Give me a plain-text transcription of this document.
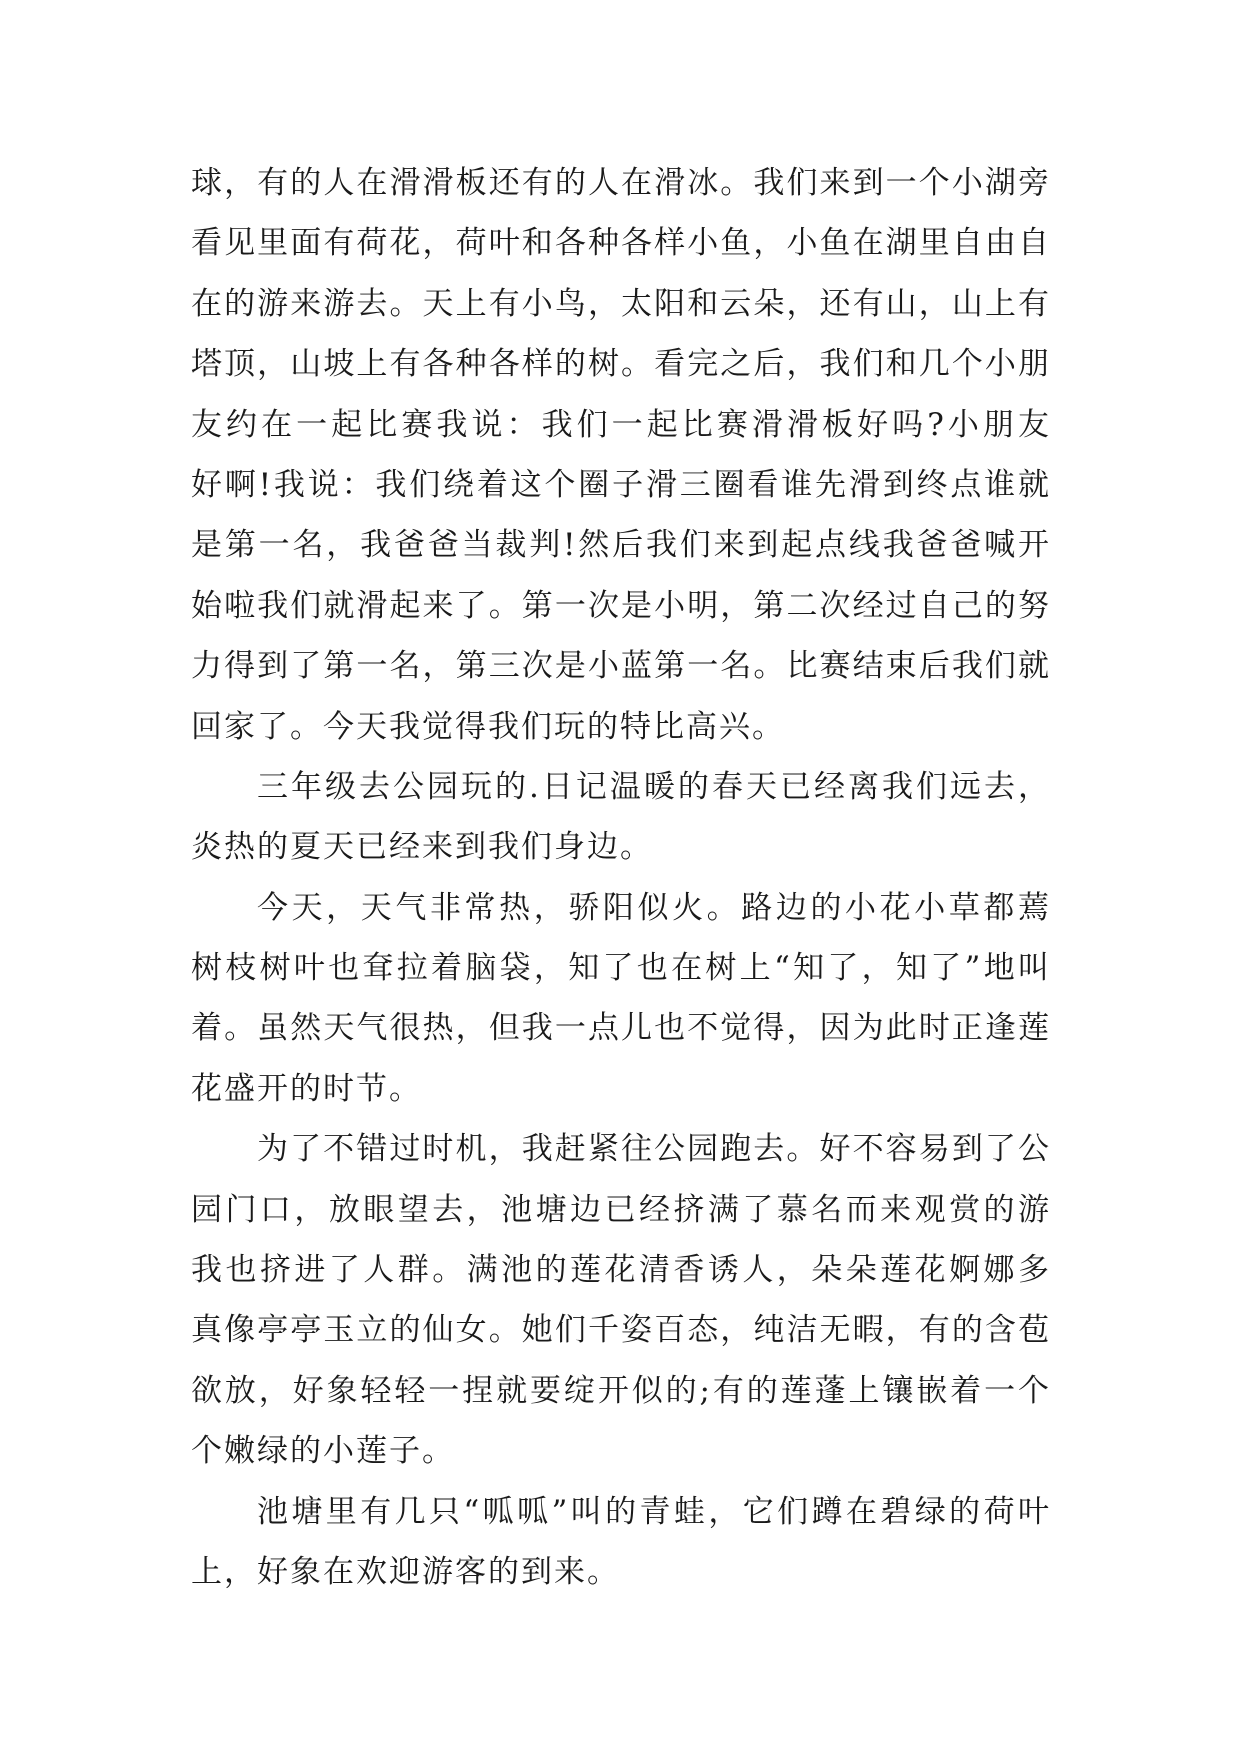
球，有的人在滑滑板还有的人在滑冰。我们来到一个小湖旁
看见里面有荷花，荷叶和各种各样小鱼，小鱼在湖里自由自
在的游来游去。天上有小鸟，太阳和云朵，还有山，山上有
塔顶，山坡上有各种各样的树。看完之后，我们和几个小朋
友约在一起比赛我说：我们一起比赛滑滑板好吗?小朋友
好啊!我说：我们绕着这个圈子滑三圈看谁先滑到终点谁就
是第一名，我爸爸当裁判!然后我们来到起点线我爸爸喊开
始啦我们就滑起来了。第一次是小明，第二次经过自己的努
力得到了第一名，第三次是小蓝第一名。比赛结束后我们就
回家了。今天我觉得我们玩的特比高兴。
三年级去公园玩的.日记温暖的春天已经离我们远去，
炎热的夏天已经来到我们身边。
今天，天气非常热，骄阳似火。路边的小花小草都蔫
树枝树叶也耷拉着脑袋，知了也在树上“知了，知了”地叫
着。虽然天气很热，但我一点儿也不觉得，因为此时正逢莲
花盛开的时节。
为了不错过时机，我赶紧往公园跑去。好不容易到了公
园门口，放眼望去，池塘边已经挤满了慕名而来观赏的游
我也挤进了人群。满池的莲花清香诱人，朵朵莲花婀娜多
真像亭亭玉立的仙女。她们千姿百态，纯洁无暇，有的含苞
欲放，好象轻轻一捏就要绽开似的;有的莲蓬上镶嵌着一个
个嫩绿的小莲子。
池塘里有几只“呱呱”叫的青蛙，它们蹲在碧绿的荷叶
上，好象在欢迎游客的到来。
